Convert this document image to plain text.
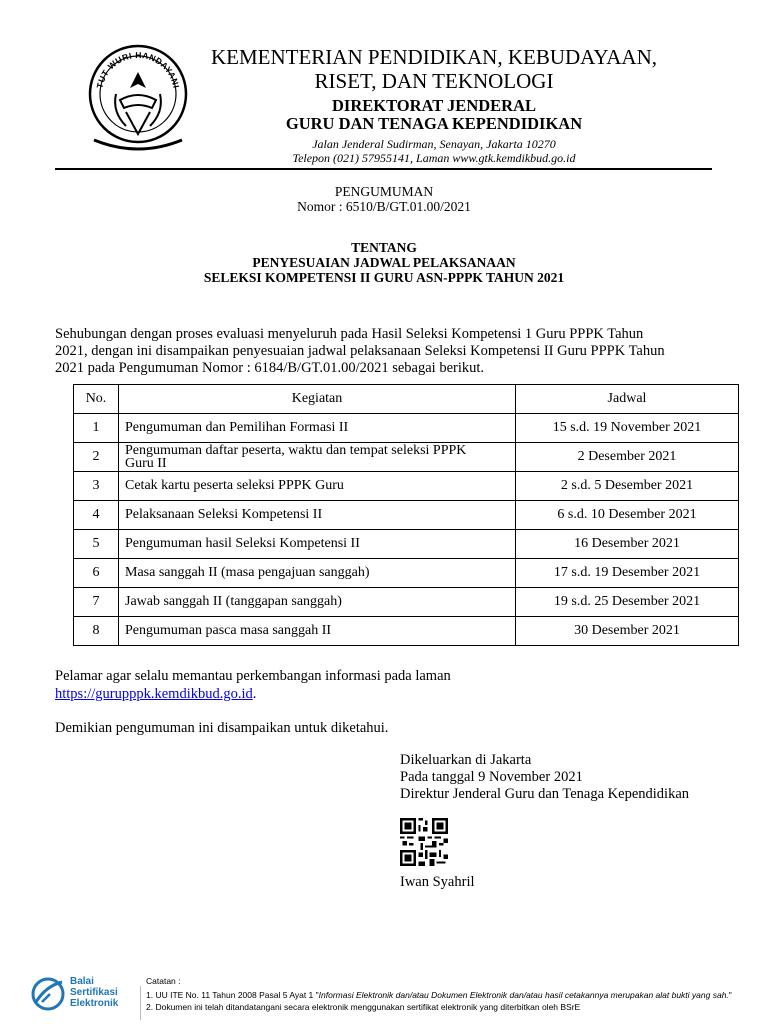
TUT WURI HANDAYANI
KEMENTERIAN PENDIDIKAN, KEBUDAYAAN,
RISET, DAN TEKNOLOGI
DIREKTORAT JENDERAL
GURU DAN TENAGA KEPENDIDIKAN
Jalan Jenderal Sudirman, Senayan, Jakarta 10270
Telepon (021) 57955141, Laman www.gtk.kemdikbud.go.id
PENGUMUMAN
Nomor : 6510/B/GT.01.00/2021
TENTANG
PENYESUAIAN JADWAL PELAKSANAAN
SELEKSI KOMPETENSI II GURU ASN-PPPK TAHUN 2021
Sehubungan dengan proses evaluasi menyeluruh pada Hasil Seleksi Kompetensi 1 Guru PPPK Tahun
2021, dengan ini disampaikan penyesuaian jadwal pelaksanaan Seleksi Kompetensi II Guru PPPK Tahun
2021 pada Pengumuman Nomor : 6184/B/GT.01.00/2021 sebagai berikut.
No.	Kegiatan	Jadwal
1	Pengumuman dan Pemilihan Formasi II	15 s.d. 19 November 2021
2	Pengumuman daftar peserta, waktu dan tempat seleksi PPPK
Guru II	2 Desember 2021
3	Cetak kartu peserta seleksi PPPK Guru	2 s.d. 5 Desember 2021
4	Pelaksanaan Seleksi Kompetensi II	6 s.d. 10 Desember 2021
5	Pengumuman hasil Seleksi Kompetensi II	16 Desember 2021
6	Masa sanggah II (masa pengajuan sanggah)	17 s.d. 19 Desember 2021
7	Jawab sanggah II (tanggapan sanggah)	19 s.d. 25 Desember 2021
8	Pengumuman pasca masa sanggah II	30 Desember 2021
Pelamar agar selalu memantau perkembangan informasi pada laman
https://gurupppk.kemdikbud.go.id.
Demikian pengumuman ini disampaikan untuk diketahui.
Dikeluarkan di Jakarta
Pada tanggal 9 November 2021
Direktur Jenderal Guru dan Tenaga Kependidikan
Iwan Syahril
Balai
Sertifikasi
Elektronik
Catatan :
1. UU ITE No. 11 Tahun 2008 Pasal 5 Ayat 1 "Informasi Elektronik dan/atau Dokumen Elektronik dan/atau hasil cetakannya merupakan alat bukti yang sah."
2. Dokumen ini telah ditandatangani secara elektronik menggunakan sertifikat elektronik yang diterbitkan oleh BSrE
